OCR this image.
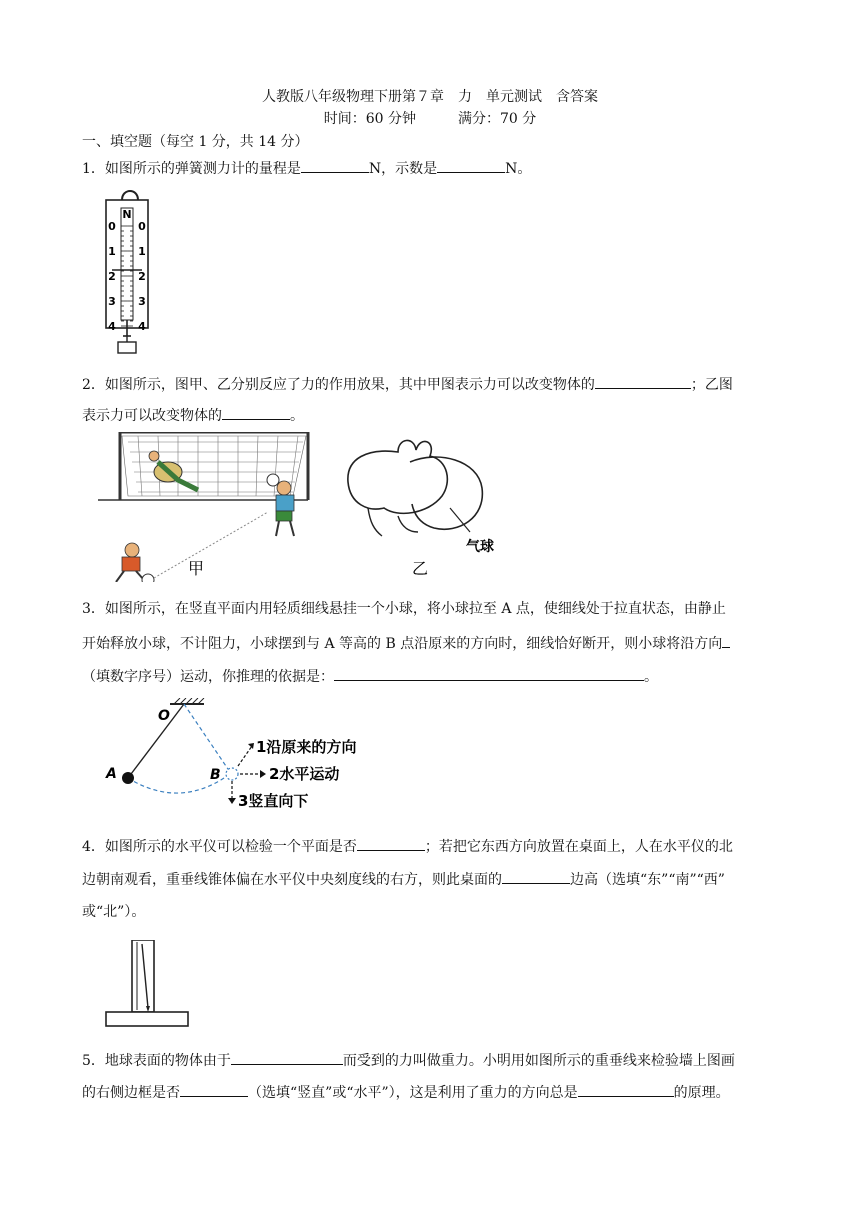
人教版八年级物理下册第７章　力　单元测试　含答案
时间：60 分钟　　　满分：70 分
一、填空题（每空 1 分，共 14 分）
1．如图所示的弹簧测力计的量程是	N，示数是	N。
N
0 0
1 1
2 2
3 3
4 4
2．如图所示，图甲、乙分别反应了力的作用放果，其中甲图表示力可以改变物体的	；乙图
表示力可以改变物体的	。
甲
气球
乙
3．如图所示，在竖直平面内用轻质细线悬挂一个小球，将小球拉至 A 点，使细线处于拉直状态，由静止
开始释放小球，不计阻力，小球摆到与 A 等高的 B 点沿原来的方向时，细线恰好断开，则小球将沿方向
（填数字序号）运动，你推理的依据是：	。
O
A	B
1沿原来的方向
2水平运动
3竖直向下
4．如图所示的水平仪可以检验一个平面是否	；若把它东西方向放置在桌面上，人在水平仪的北
边朝南观看，重垂线锥体偏在水平仪中央刻度线的右方，则此桌面的	边高（选填“东”“南”“西”
或“北”）。
5．地球表面的物体由于	而受到的力叫做重力。小明用如图所示的重垂线来检验墙上图画
的右侧边框是否	（选填“竖直”或“水平”），这是利用了重力的方向总是	的原理。
